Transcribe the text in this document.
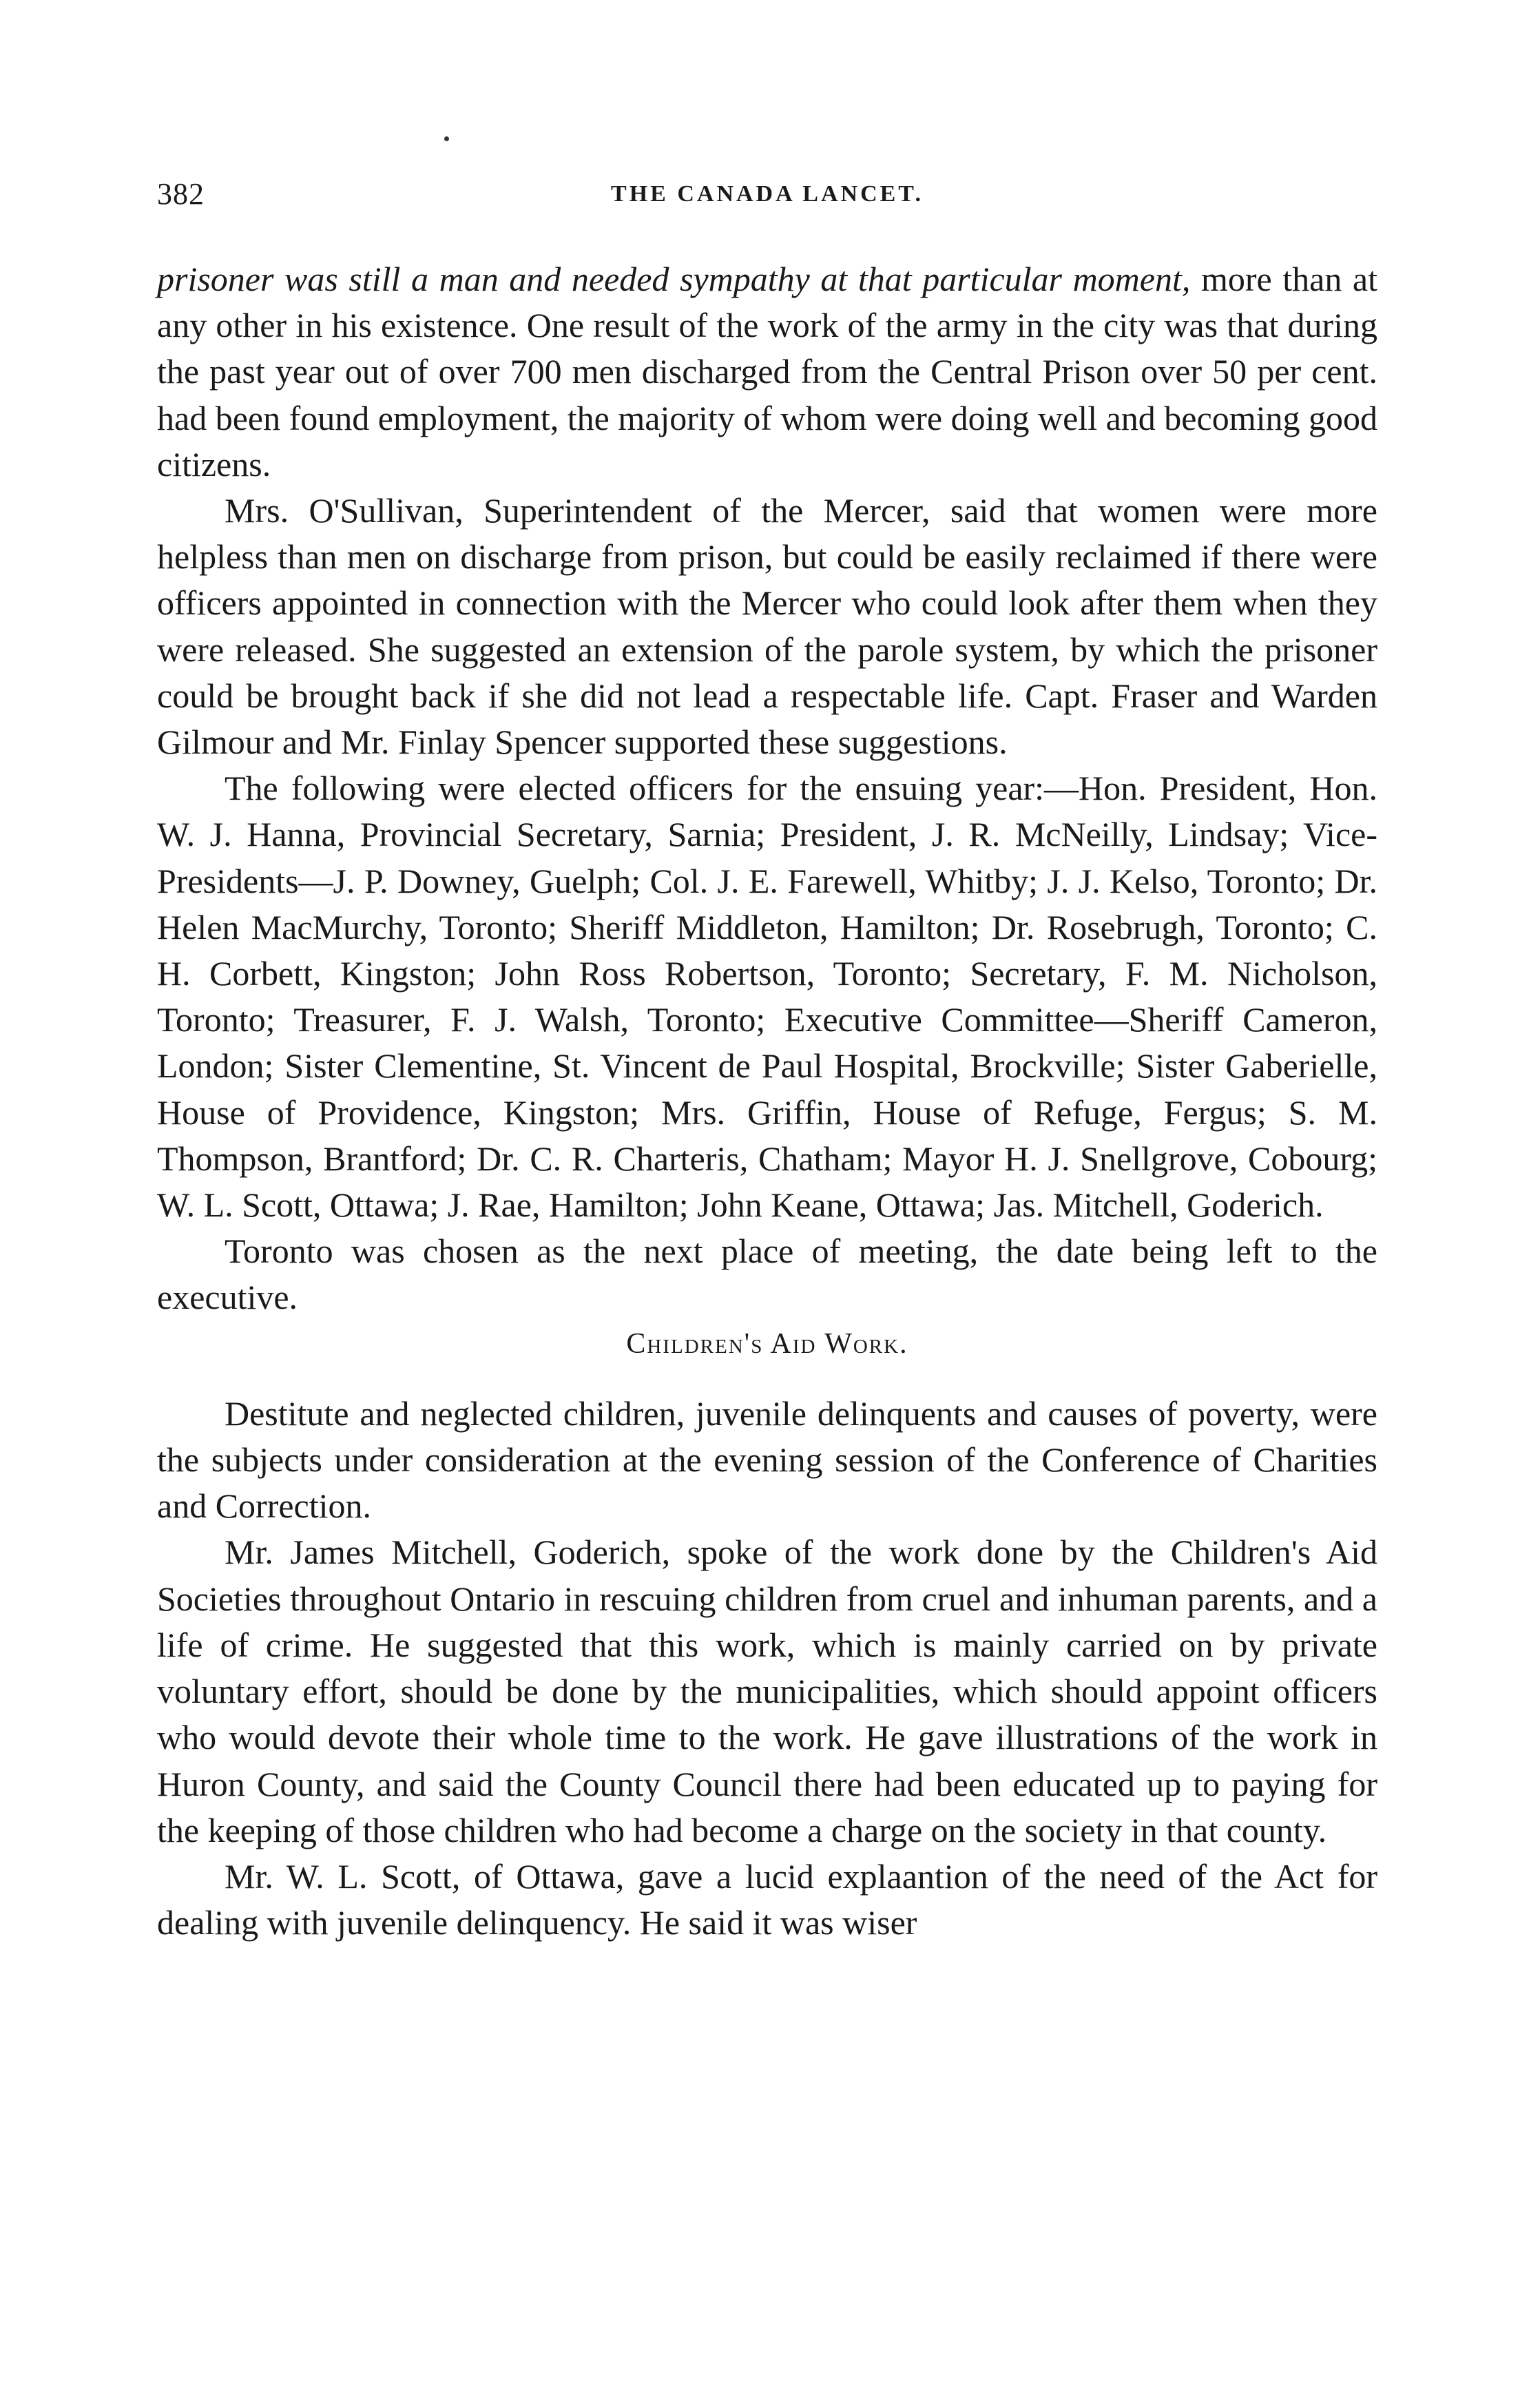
382	THE CANADA LANCET.

prisoner was still a man and needed sympathy at that particular moment, more than at any other in his existence. One result of the work of the army in the city was that during the past year out of over 700 men discharged from the Central Prison over 50 per cent. had been found employment, the majority of whom were doing well and becoming good citizens.

Mrs. O'Sullivan, Superintendent of the Mercer, said that women were more helpless than men on discharge from prison, but could be easily reclaimed if there were officers appointed in connection with the Mercer who could look after them when they were released. She suggested an extension of the parole system, by which the prisoner could be brought back if she did not lead a respectable life. Capt. Fraser and Warden Gilmour and Mr. Finlay Spencer supported these suggestions.

The following were elected officers for the ensuing year:—Hon. President, Hon. W. J. Hanna, Provincial Secretary, Sarnia; President, J. R. McNeilly, Lindsay; Vice-Presidents—J. P. Downey, Guelph; Col. J. E. Farewell, Whitby; J. J. Kelso, Toronto; Dr. Helen MacMurchy, Toronto; Sheriff Middleton, Hamilton; Dr. Rosebrugh, Toronto; C. H. Corbett, Kingston; John Ross Robertson, Toronto; Secretary, F. M. Nicholson, Toronto; Treasurer, F. J. Walsh, Toronto; Executive Committee—Sheriff Cameron, London; Sister Clementine, St. Vincent de Paul Hospital, Brockville; Sister Gaberielle, House of Providence, Kingston; Mrs. Griffin, House of Refuge, Fergus; S. M. Thompson, Brantford; Dr. C. R. Charteris, Chatham; Mayor H. J. Snellgrove, Cobourg; W. L. Scott, Ottawa; J. Rae, Hamilton; John Keane, Ottawa; Jas. Mitchell, Goderich.

Toronto was chosen as the next place of meeting, the date being left to the executive.

Children's Aid Work.

Destitute and neglected children, juvenile delinquents and causes of poverty, were the subjects under consideration at the evening session of the Conference of Charities and Correction.

Mr. James Mitchell, Goderich, spoke of the work done by the Children's Aid Societies throughout Ontario in rescuing children from cruel and inhuman parents, and a life of crime. He suggested that this work, which is mainly carried on by private voluntary effort, should be done by the municipalities, which should appoint officers who would devote their whole time to the work. He gave illustrations of the work in Huron County, and said the County Council there had been educated up to paying for the keeping of those children who had become a charge on the society in that county.

Mr. W. L. Scott, of Ottawa, gave a lucid explaantion of the need of the Act for dealing with juvenile delinquency. He said it was wiser
